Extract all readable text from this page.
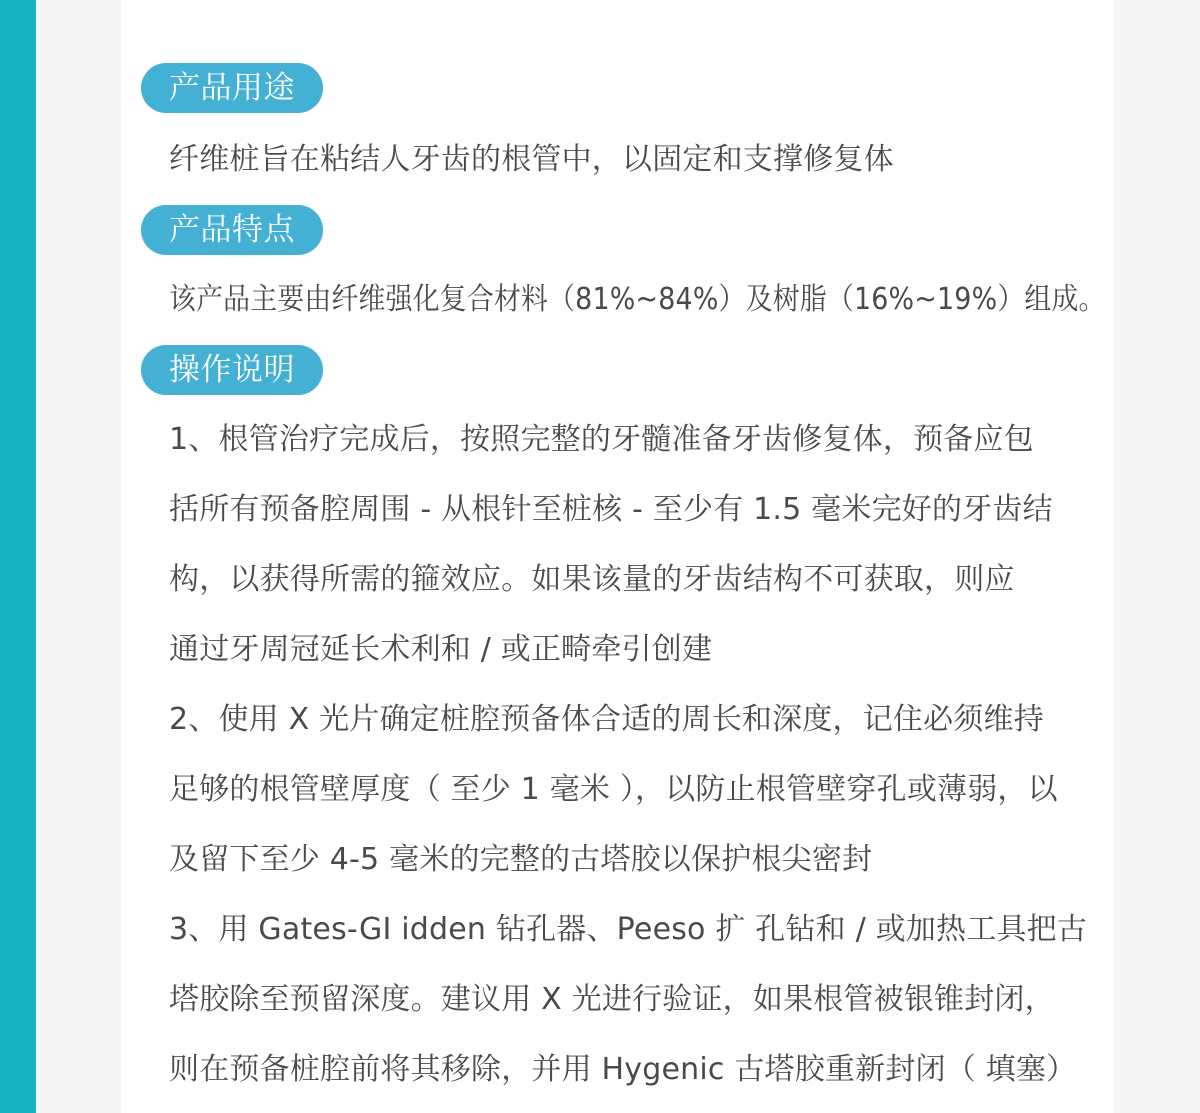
产品用途
纤维桩旨在粘结人牙齿的根管中，以固定和支撑修复体
产品特点
该产品主要由纤维强化复合材料（81%~84%）及树脂（16%~19%）组成。
操作说明
1、根管治疗完成后，按照完整的牙髓准备牙齿修复体，预备应包
括所有预备腔周围 - 从根针至桩核 - 至少有 1.5 毫米完好的牙齿结
构，以获得所需的箍效应。如果该量的牙齿结构不可获取，则应
通过牙周冠延长术利和 / 或正畸牵引创建
2、使用 X 光片确定桩腔预备体合适的周长和深度，记住必须维持
足够的根管壁厚度（ 至少 1 毫米 ），以防止根管壁穿孔或薄弱，以
及留下至少 4-5 毫米的完整的古塔胶以保护根尖密封
3、用 Gates-GI idden 钻孔器、Peeso 扩 孔钻和 / 或加热工具把古
塔胶除至预留深度。建议用 X 光进行验证，如果根管被银锥封闭，
则在预备桩腔前将其移除，并用 Hygenic 古塔胶重新封闭（ 填塞）
